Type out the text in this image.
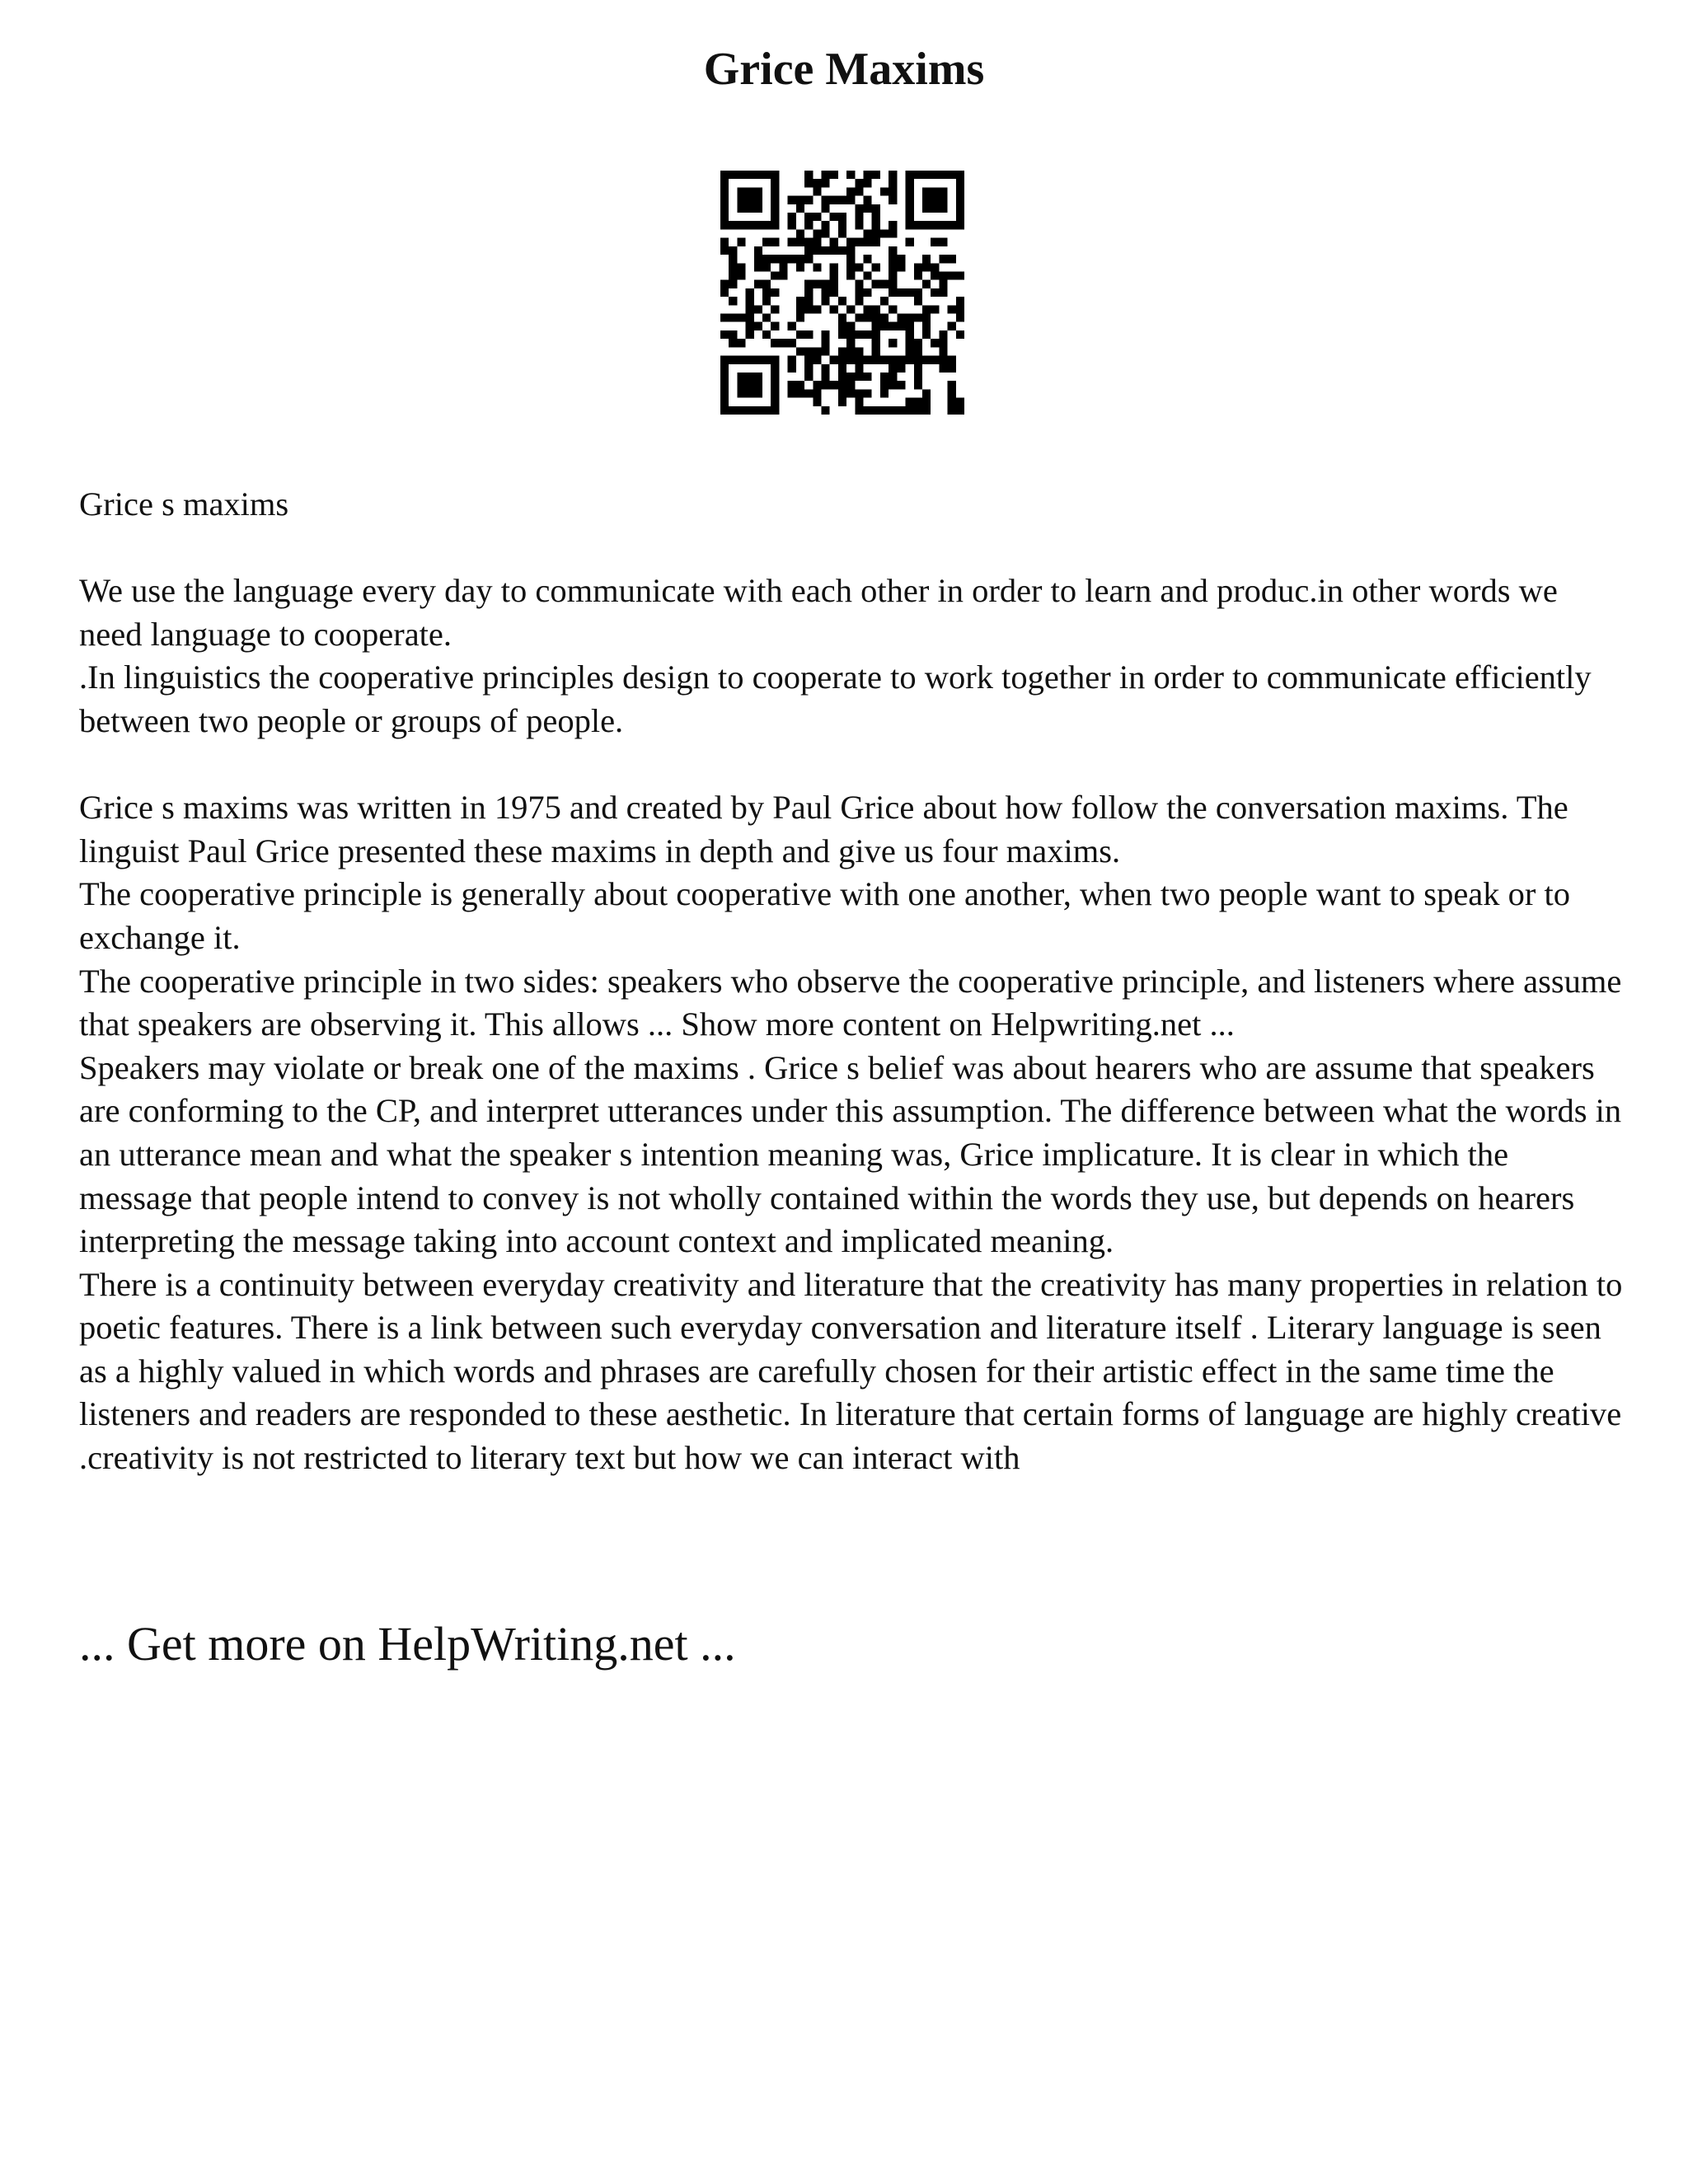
Grice Maxims

Grice s maxims

We use the language every day to communicate with each other in order to learn and produc.in other words we need language to cooperate.
.In linguistics the cooperative principles design to cooperate to work together in order to communicate efficiently between two people or groups of people.

Grice s maxims was written in 1975 and created by Paul Grice about how follow the conversation maxims. The linguist Paul Grice presented these maxims in depth and give us four maxims.
The cooperative principle is generally about cooperative with one another, when two people want to speak or to exchange it.
The cooperative principle in two sides: speakers who observe the cooperative principle, and listeners where assume that speakers are observing it. This allows ... Show more content on Helpwriting.net ...
Speakers may violate or break one of the maxims . Grice s belief was about hearers who are assume that speakers are conforming to the CP, and interpret utterances under this assumption. The difference between what the words in an utterance mean and what the speaker s intention meaning was, Grice implicature. It is clear in which the message that people intend to convey is not wholly contained within the words they use, but depends on hearers interpreting the message taking into account context and implicated meaning.
There is a continuity between everyday creativity and literature that the creativity has many properties in relation to poetic features. There is a link between such everyday conversation and literature itself . Literary language is seen as a highly valued in which words and phrases are carefully chosen for their artistic effect in the same time the listeners and readers are responded to these aesthetic. In literature that certain forms of language are highly creative .creativity is not restricted to literary text but how we can interact with

... Get more on HelpWriting.net ...
